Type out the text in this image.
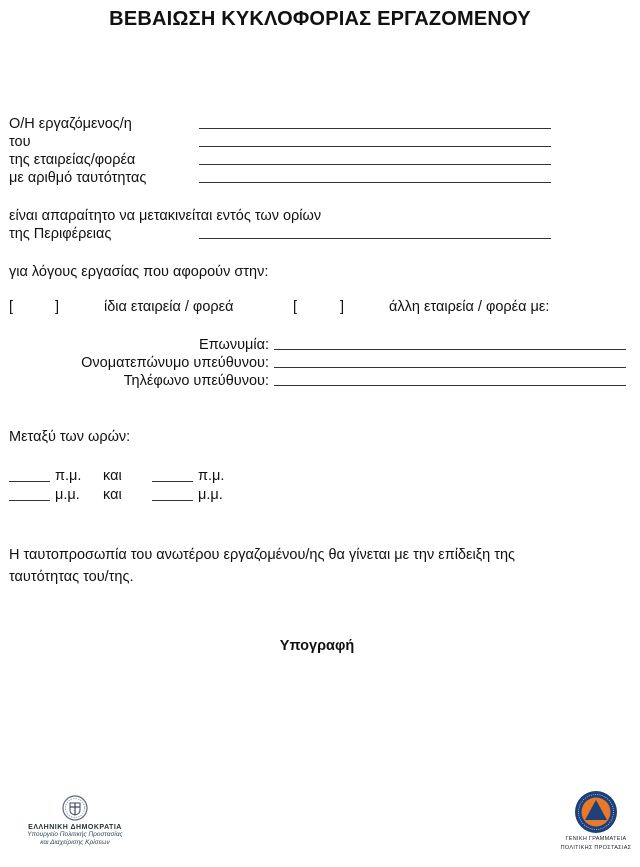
ΒΕΒΑΙΩΣΗ ΚΥΚΛΟΦΟΡΙΑΣ ΕΡΓΑΖΟΜΕΝΟΥ
Ο/Η εργαζόμενος/η
του
της εταιρείας/φορέα
με αριθμό ταυτότητας
είναι απαραίτητο να μετακινείται εντός των ορίων
της Περιφέρειας
για λόγους εργασίας που αφορούν στην:
[	]	ίδια εταιρεία / φορεά	[	]	άλλη εταιρεία / φορέα με:
Επωνυμία:
Ονοματεπώνυμο υπεύθυνου:
Τηλέφωνο υπεύθυνου:
Μεταξύ των ωρών:
π.μ. και	π.μ.
μ.μ. και	μ.μ.
Η ταυτοπροσωπία του ανωτέρου εργαζομένου/ης θα γίνεται με την επίδειξη της
ταυτότητας του/της.
Υπογραφή
ΕΛΛΗΝΙΚΗ ΔΗΜΟΚΡΑΤΙΑ
Υπουργείο Πολιτικής Προστασίας
και Διαχείρισης Κρίσεων	ΓΕΝΙΚΗ ΓΡΑΜΜΑΤΕΙΑ
ΠΟΛΙΤΙΚΗΣ ΠΡΟΣΤΑΣΙΑΣ
